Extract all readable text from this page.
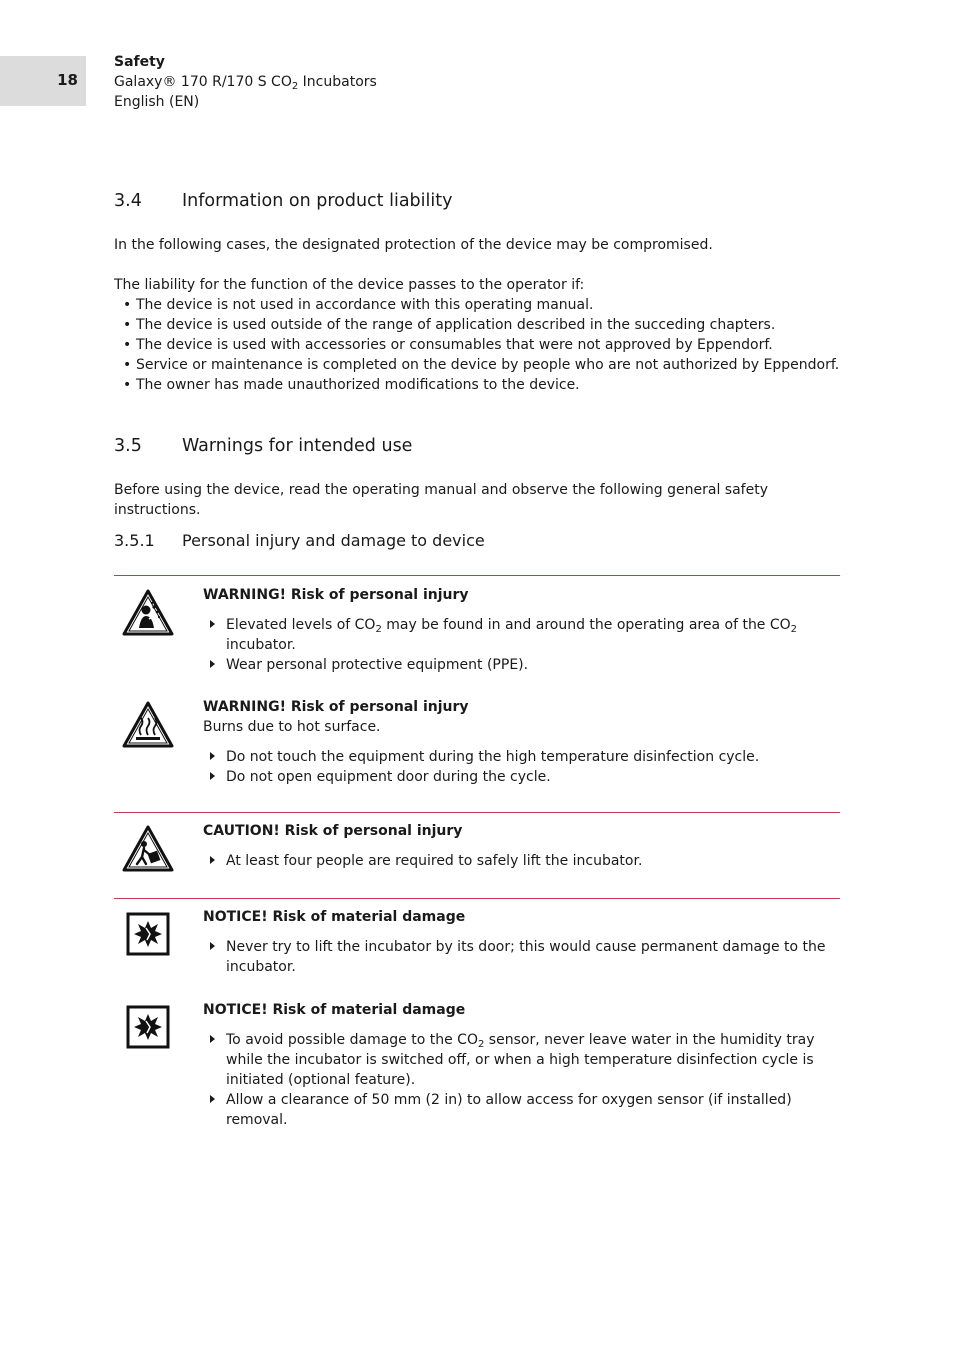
18
Safety
Galaxy® 170 R/170 S $CO_2$ Incubators
English (EN)
3.4 Information on product liability
In the following cases, the designated protection of the device may be compromised.
The liability for the function of the device passes to the operator if:
• The device is not used in accordance with this operating manual.
• The device is used outside of the range of application described in the succeding chapters.
• The device is used with accessories or consumables that were not approved by Eppendorf.
• Service or maintenance is completed on the device by people who are not authorized by Eppendorf.
• The owner has made unauthorized modifications to the device.
3.5 Warnings for intended use
Before using the device, read the operating manual and observe the following general safety instructions.
3.5.1 Personal injury and damage to device
WARNING! Risk of personal injury
Elevated levels of $CO_2$ may be found in and around the operating area of the $CO_2$ incubator.
Wear personal protective equipment (PPE).
WARNING! Risk of personal injury
Burns due to hot surface.
Do not touch the equipment during the high temperature disinfection cycle.
Do not open equipment door during the cycle.
CAUTION! Risk of personal injury
At least four people are required to safely lift the incubator.
NOTICE! Risk of material damage
Never try to lift the incubator by its door; this would cause permanent damage to the incubator.
NOTICE! Risk of material damage
To avoid possible damage to the $CO_2$ sensor, never leave water in the humidity tray while the incubator is switched off, or when a high temperature disinfection cycle is initiated (optional feature).
Allow a clearance of 50 mm (2 in) to allow access for oxygen sensor (if installed) removal.
